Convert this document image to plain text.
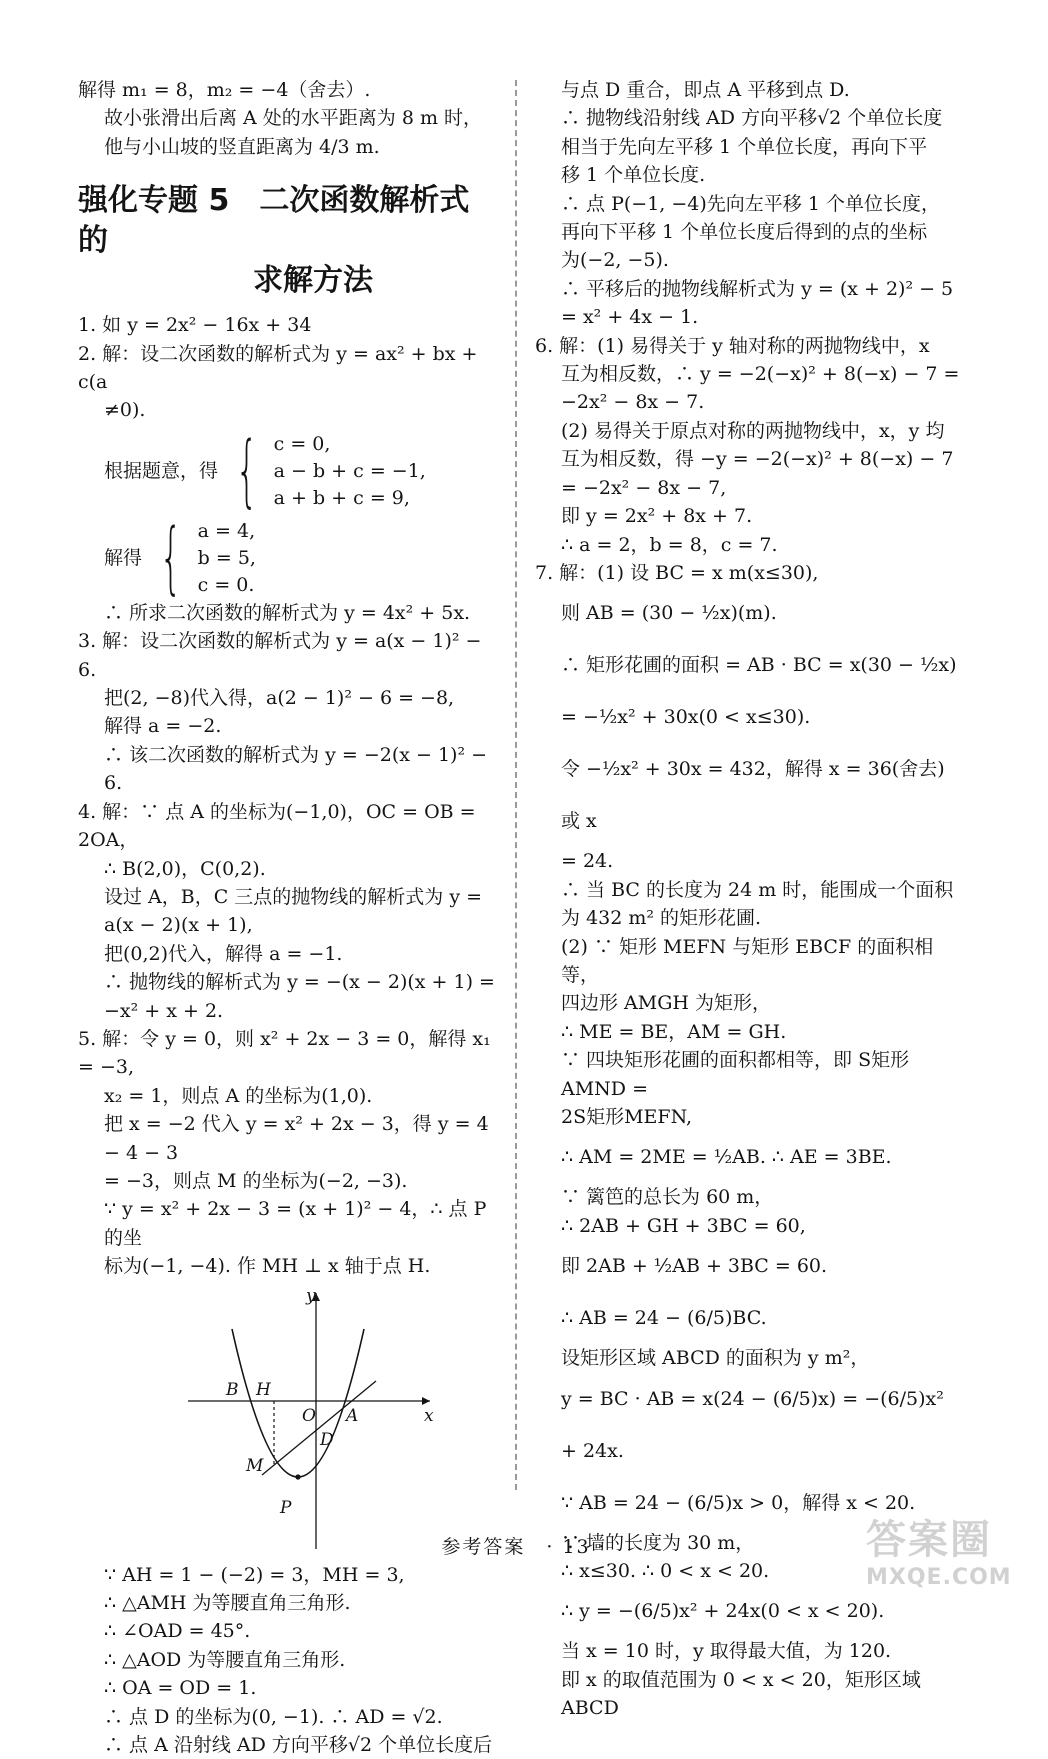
解得 m₁ = 8，m₂ = −4（舍去）.
故小张滑出后离 A 处的水平距离为 8 m 时，
他与小山坡的竖直距离为 4/3 m.
强化专题 5　二次函数解析式的
求解方法
1. 如 y = 2x² − 16x + 34
2. 解：设二次函数的解析式为 y = ax² + bx + c(a
≠0).
根据题意，得 { c = 0,
a − b + c = −1,
a + b + c = 9,
解得 { a = 4,
b = 5,
c = 0.
∴ 所求二次函数的解析式为 y = 4x² + 5x.
3. 解：设二次函数的解析式为 y = a(x − 1)² − 6.
把(2, −8)代入得，a(2 − 1)² − 6 = −8,
解得 a = −2.
∴ 该二次函数的解析式为 y = −2(x − 1)² − 6.
4. 解：∵ 点 A 的坐标为(−1,0)，OC = OB = 2OA，
∴ B(2,0)，C(0,2).
设过 A，B，C 三点的抛物线的解析式为 y =
a(x − 2)(x + 1),
把(0,2)代入，解得 a = −1.
∴ 抛物线的解析式为 y = −(x − 2)(x + 1) =
−x² + x + 2.
5. 解：令 y = 0，则 x² + 2x − 3 = 0，解得 x₁ = −3,
x₂ = 1，则点 A 的坐标为(1,0).
把 x = −2 代入 y = x² + 2x − 3，得 y = 4 − 4 − 3
= −3，则点 M 的坐标为(−2, −3).
∵ y = x² + 2x − 3 = (x + 1)² − 4，∴ 点 P 的坐
标为(−1, −4). 作 MH ⊥ x 轴于点 H.
y
x
B H
O A
D
M
P
∵ AH = 1 − (−2) = 3，MH = 3,
∴ △AMH 为等腰直角三角形.
∴ ∠OAD = 45°.
∴ △AOD 为等腰直角三角形.
∴ OA = OD = 1.
∴ 点 D 的坐标为(0, −1). ∴ AD = √2.
∴ 点 A 沿射线 AD 方向平移√2 个单位长度后
与点 D 重合，即点 A 平移到点 D.
∴ 抛物线沿射线 AD 方向平移√2 个单位长度
相当于先向左平移 1 个单位长度，再向下平
移 1 个单位长度.
∴ 点 P(−1, −4)先向左平移 1 个单位长度，
再向下平移 1 个单位长度后得到的点的坐标
为(−2, −5).
∴ 平移后的抛物线解析式为 y = (x + 2)² − 5
= x² + 4x − 1.
6. 解：(1) 易得关于 y 轴对称的两抛物线中，x
互为相反数，∴ y = −2(−x)² + 8(−x) − 7 =
−2x² − 8x − 7.
(2) 易得关于原点对称的两抛物线中，x，y 均
互为相反数，得 −y = −2(−x)² + 8(−x) − 7
= −2x² − 8x − 7,
即 y = 2x² + 8x + 7.
∴ a = 2，b = 8，c = 7.
7. 解：(1) 设 BC = x m(x≤30),
则 AB = (30 − ½x)(m).
∴ 矩形花圃的面积 = AB · BC = x(30 − ½x)
= −½x² + 30x(0 < x≤30).
令 −½x² + 30x = 432，解得 x = 36(舍去)或 x
= 24.
∴ 当 BC 的长度为 24 m 时，能围成一个面积
为 432 m² 的矩形花圃.
(2) ∵ 矩形 MEFN 与矩形 EBCF 的面积相等，
四边形 AMGH 为矩形，
∴ ME = BE，AM = GH.
∵ 四块矩形花圃的面积都相等，即 S矩形AMND =
2S矩形MEFN,
∴ AM = 2ME = ½AB. ∴ AE = 3BE.
∵ 篱笆的总长为 60 m，
∴ 2AB + GH + 3BC = 60,
即 2AB + ½AB + 3BC = 60.
∴ AB = 24 − (6/5)BC.
设矩形区域 ABCD 的面积为 y m²，
y = BC · AB = x(24 − (6/5)x) = −(6/5)x² + 24x.
∵ AB = 24 − (6/5)x > 0，解得 x < 20.
∵ 墙的长度为 30 m，
∴ x≤30. ∴ 0 < x < 20.
∴ y = −(6/5)x² + 24x(0 < x < 20).
当 x = 10 时，y 取得最大值，为 120.
即 x 的取值范围为 0 < x < 20，矩形区域 ABCD
参考答案　· 13 ·	答案圈
MXQE.COM
